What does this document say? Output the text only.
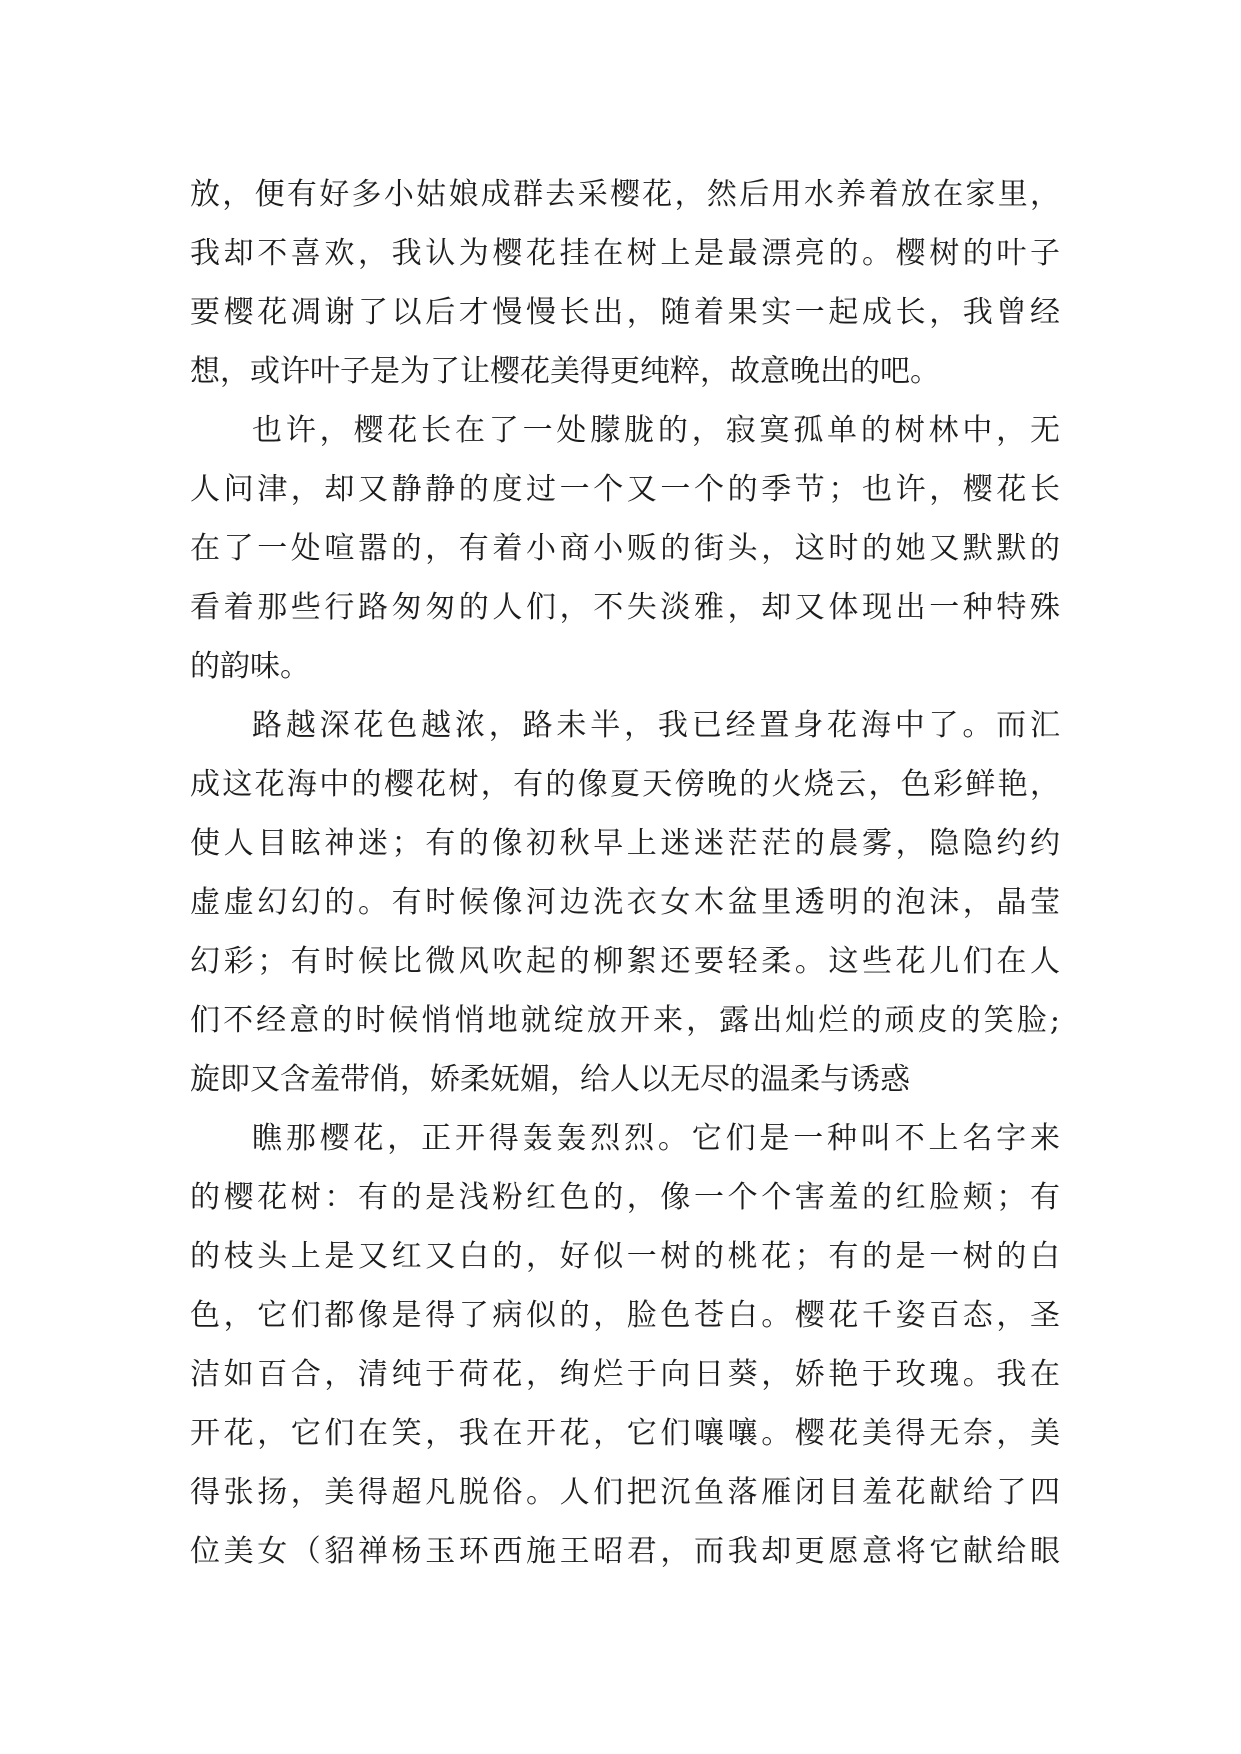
放，便有好多小姑娘成群去采樱花，然后用水养着放在家里，
我却不喜欢，我认为樱花挂在树上是最漂亮的。樱树的叶子
要樱花凋谢了以后才慢慢长出，随着果实一起成长，我曾经
想，或许叶子是为了让樱花美得更纯粹，故意晚出的吧。
也许，樱花长在了一处朦胧的，寂寞孤单的树林中，无
人问津，却又静静的度过一个又一个的季节；也许，樱花长
在了一处喧嚣的，有着小商小贩的街头，这时的她又默默的
看着那些行路匆匆的人们，不失淡雅，却又体现出一种特殊
的韵味。
路越深花色越浓，路未半，我已经置身花海中了。而汇
成这花海中的樱花树，有的像夏天傍晚的火烧云，色彩鲜艳，
使人目眩神迷；有的像初秋早上迷迷茫茫的晨雾，隐隐约约
虚虚幻幻的。有时候像河边洗衣女木盆里透明的泡沫，晶莹
幻彩；有时候比微风吹起的柳絮还要轻柔。这些花儿们在人
们不经意的时候悄悄地就绽放开来，露出灿烂的顽皮的笑脸;
旋即又含羞带俏，娇柔妩媚，给人以无尽的温柔与诱惑
瞧那樱花，正开得轰轰烈烈。它们是一种叫不上名字来
的樱花树：有的是浅粉红色的，像一个个害羞的红脸颊；有
的枝头上是又红又白的，好似一树的桃花；有的是一树的白
色，它们都像是得了病似的，脸色苍白。樱花千姿百态，圣
洁如百合，清纯于荷花，绚烂于向日葵，娇艳于玫瑰。我在
开花，它们在笑，我在开花，它们嚷嚷。樱花美得无奈，美
得张扬，美得超凡脱俗。人们把沉鱼落雁闭目羞花献给了四
位美女（貂禅杨玉环西施王昭君，而我却更愿意将它献给眼
